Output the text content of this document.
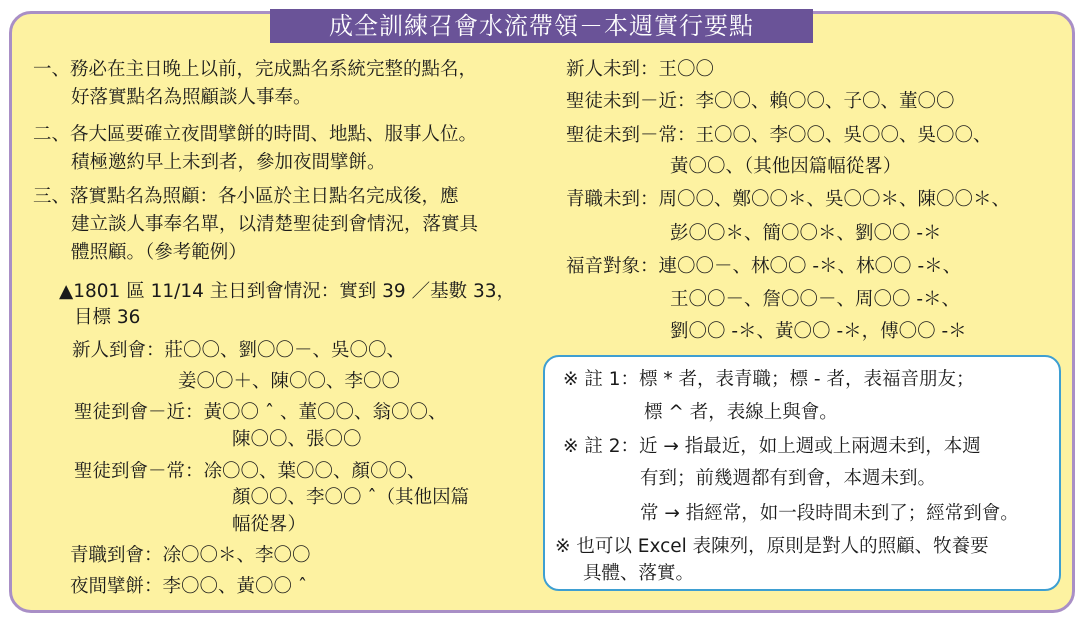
成全訓練召會水流帶領－本週實行要點
一、務必在主日晚上以前，完成點名系統完整的點名，
好落實點名為照顧談人事奉。
二、各大區要確立夜間擘餅的時間、地點、服事人位。
積極邀約早上未到者，參加夜間擘餅。
三、落實點名為照顧：各小區於主日點名完成後，應
建立談人事奉名單，以清楚聖徒到會情況，落實具
體照顧。（參考範例）
▲1801 區 11/14 主日到會情況：實到 39 ／基數 33，
目標 36
新人到會：莊〇〇、劉〇〇－、吳〇〇、
姜〇〇＋、陳〇〇、李〇〇
聖徒到會－近：黃〇〇 ˆ 、董〇〇、翁〇〇、
陳〇〇、張〇〇
聖徒到會－常：凃〇〇、葉〇〇、顏〇〇、
顏〇〇、李〇〇 ˆ（其他因篇
幅從畧）
青職到會：凃〇〇＊、李〇〇
夜間擘餅：李〇〇、黃〇〇 ˆ
新人未到：王〇〇
聖徒未到－近：李〇〇、賴〇〇、子〇、董〇〇
聖徒未到－常：王〇〇、李〇〇、吳〇〇、吳〇〇、
黃〇〇、（其他因篇幅從畧）
青職未到：周〇〇、鄭〇〇＊、吳〇〇＊、陳〇〇＊、
彭〇〇＊、簡〇〇＊、劉〇〇 -＊
福音對象：連〇〇－、林〇〇 -＊、林〇〇 -＊、
王〇〇－、詹〇〇－、周〇〇 -＊、
劉〇〇 -＊、黃〇〇 -＊，傅〇〇 -＊
※ 註 1：標 * 者，表青職；標 - 者，表福音朋友；
標 ^ 者，表線上與會。
※ 註 2：近 → 指最近，如上週或上兩週未到，本週
有到；前幾週都有到會，本週未到。
常 → 指經常，如一段時間未到了；經常到會。
※ 也可以 Excel 表陳列，原則是對人的照顧、牧養要
具體、落實。
